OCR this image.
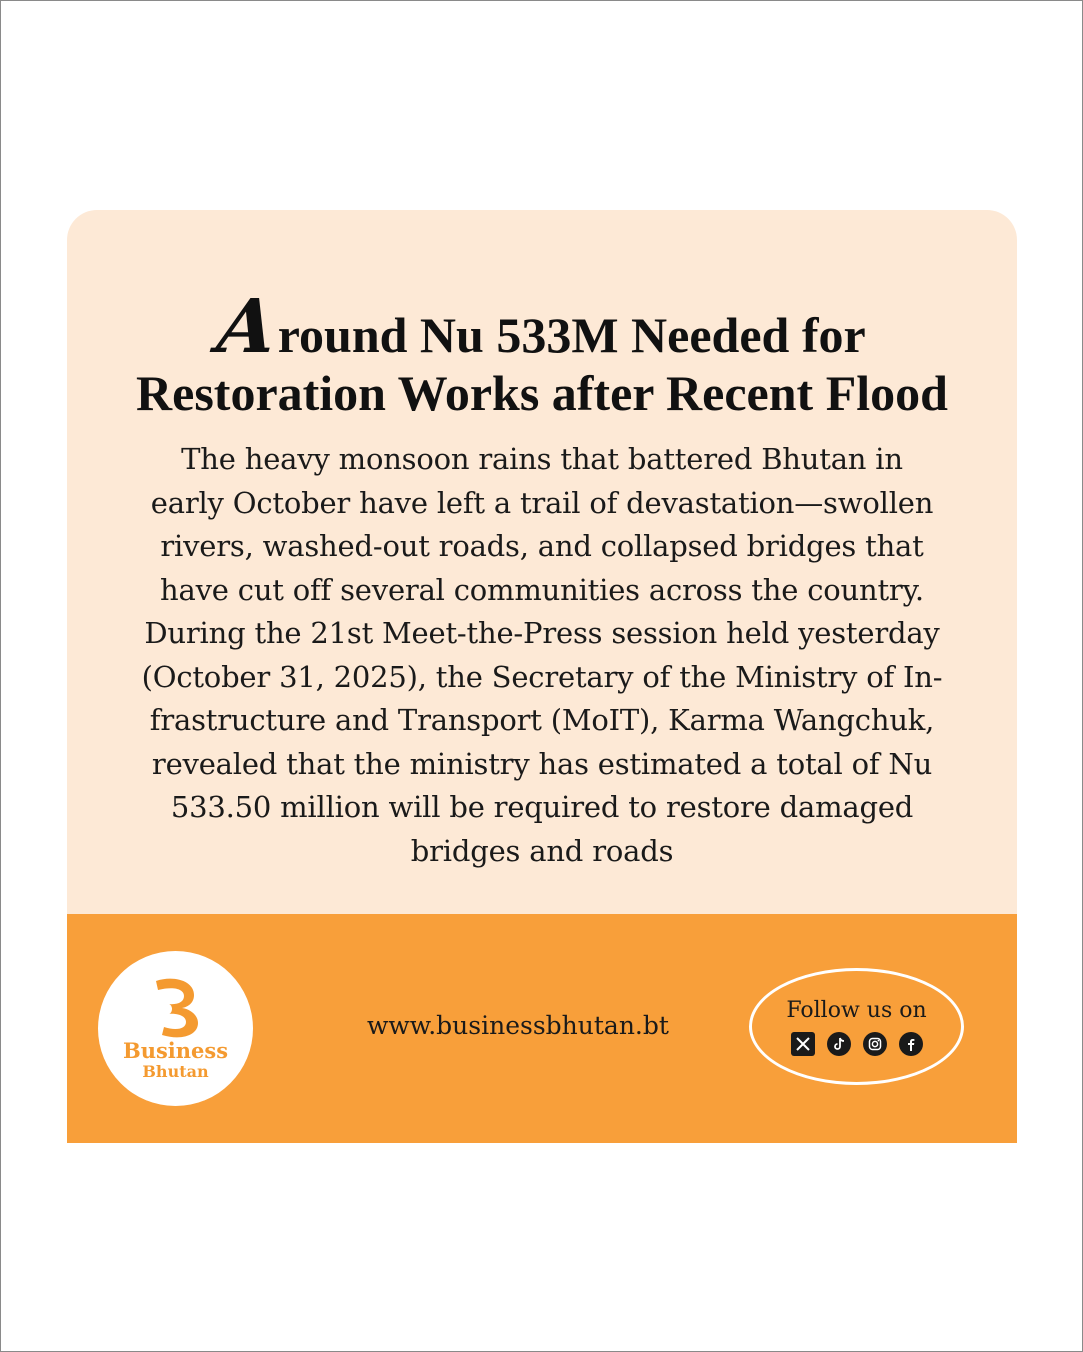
Around Nu 533M Needed for
Restoration Works after Recent Flood

The heavy monsoon rains that battered Bhutan in
early October have left a trail of devastation—swollen
rivers, washed-out roads, and collapsed bridges that
have cut off several communities across the country.
During the 21st Meet-the-Press session held yesterday
(October 31, 2025), the Secretary of the Ministry of In-
frastructure and Transport (MoIT), Karma Wangchuk,
revealed that the ministry has estimated a total of Nu
533.50 million will be required to restore damaged
bridges and roads

Business
Bhutan
www.businessbhutan.bt
Follow us on
